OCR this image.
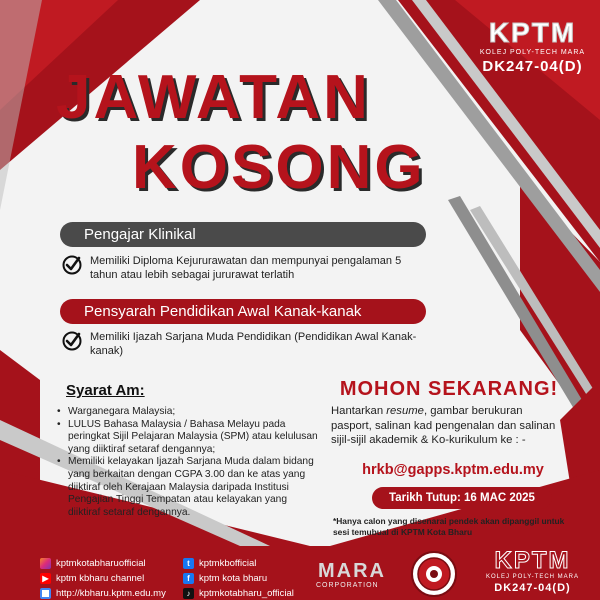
KPTM
KOLEJ POLY-TECH MARA
DK247-04(D)
JAWATAN
KOSONG
Pengajar Klinikal
Memiliki Diploma Kejururawatan dan mempunyai pengalaman 5 tahun atau lebih sebagai jururawat terlatih
Pensyarah Pendidikan Awal Kanak-kanak
Memiliki Ijazah Sarjana Muda Pendidikan (Pendidikan Awal Kanak-kanak)
Syarat Am:
• Warganegara Malaysia;
• LULUS Bahasa Malaysia / Bahasa Melayu pada peringkat Sijil Pelajaran Malaysia (SPM) atau kelulusan yang diiktiraf setaraf dengannya;
• Memiliki kelayakan Ijazah Sarjana Muda dalam bidang yang berkaitan dengan CGPA 3.00 dan ke atas yang diiktiraf oleh Kerajaan Malaysia daripada Institusi Pengajian Tinggi Tempatan atau kelayakan yang diiktiraf setaraf dengannya.
MOHON SEKARANG!
Hantarkan resume, gambar berukuran pasport, salinan kad pengenalan dan salinan sijil-sijil akademik & Ko-kurikulum ke : -
hrkb@gapps.kptm.edu.my
Tarikh Tutup: 16 MAC 2025
*Hanya calon yang disenarai pendek akan dipanggil untuk sesi temubual di KPTM Kota Bharu
kptmkotabharuofficial
▶ kptm kbharu channel
http://kbharu.kptm.edu.my
t kptmkbofficial
f kptm kota bharu
♪ kptmkotabharu_official
MARA
CORPORATION
KPTM
KOLEJ POLY-TECH MARA
DK247-04(D)
